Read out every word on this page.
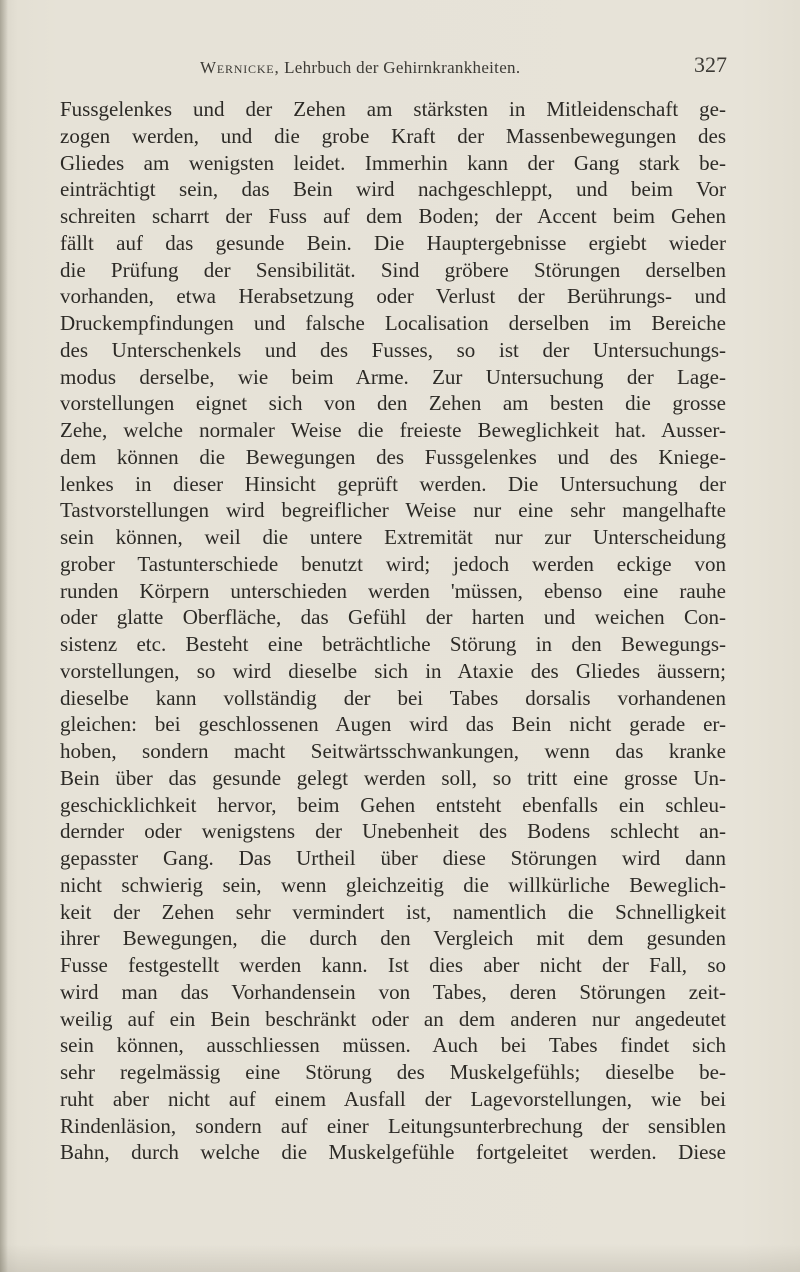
Wernicke, Lehrbuch der Gehirnkrankheiten.	327
Fussgelenkes und der Zehen am stärksten in Mitleidenschaft ge-
zogen werden, und die grobe Kraft der Massenbewegungen des
Gliedes am wenigsten leidet. Immerhin kann der Gang stark be-
einträchtigt sein, das Bein wird nachgeschleppt, und beim Vor
schreiten scharrt der Fuss auf dem Boden; der Accent beim Gehen
fällt auf das gesunde Bein. Die Hauptergebnisse ergiebt wieder
die Prüfung der Sensibilität. Sind gröbere Störungen derselben
vorhanden, etwa Herabsetzung oder Verlust der Berührungs- und
Druckempfindungen und falsche Localisation derselben im Bereiche
des Unterschenkels und des Fusses, so ist der Untersuchungs-
modus derselbe, wie beim Arme. Zur Untersuchung der Lage-
vorstellungen eignet sich von den Zehen am besten die grosse
Zehe, welche normaler Weise die freieste Beweglichkeit hat. Ausser-
dem können die Bewegungen des Fussgelenkes und des Kniege-
lenkes in dieser Hinsicht geprüft werden. Die Untersuchung der
Tastvorstellungen wird begreiflicher Weise nur eine sehr mangelhafte
sein können, weil die untere Extremität nur zur Unterscheidung
grober Tastunterschiede benutzt wird; jedoch werden eckige von
runden Körpern unterschieden werden 'müssen, ebenso eine rauhe
oder glatte Oberfläche, das Gefühl der harten und weichen Con-
sistenz etc. Besteht eine beträchtliche Störung in den Bewegungs-
vorstellungen, so wird dieselbe sich in Ataxie des Gliedes äussern;
dieselbe kann vollständig der bei Tabes dorsalis vorhandenen
gleichen: bei geschlossenen Augen wird das Bein nicht gerade er-
hoben, sondern macht Seitwärtsschwankungen, wenn das kranke
Bein über das gesunde gelegt werden soll, so tritt eine grosse Un-
geschicklichkeit hervor, beim Gehen entsteht ebenfalls ein schleu-
dernder oder wenigstens der Unebenheit des Bodens schlecht an-
gepasster Gang. Das Urtheil über diese Störungen wird dann
nicht schwierig sein, wenn gleichzeitig die willkürliche Beweglich-
keit der Zehen sehr vermindert ist, namentlich die Schnelligkeit
ihrer Bewegungen, die durch den Vergleich mit dem gesunden
Fusse festgestellt werden kann. Ist dies aber nicht der Fall, so
wird man das Vorhandensein von Tabes, deren Störungen zeit-
weilig auf ein Bein beschränkt oder an dem anderen nur angedeutet
sein können, ausschliessen müssen. Auch bei Tabes findet sich
sehr regelmässig eine Störung des Muskelgefühls; dieselbe be-
ruht aber nicht auf einem Ausfall der Lagevorstellungen, wie bei
Rindenläsion, sondern auf einer Leitungsunterbrechung der sensiblen
Bahn, durch welche die Muskelgefühle fortgeleitet werden. Diese
